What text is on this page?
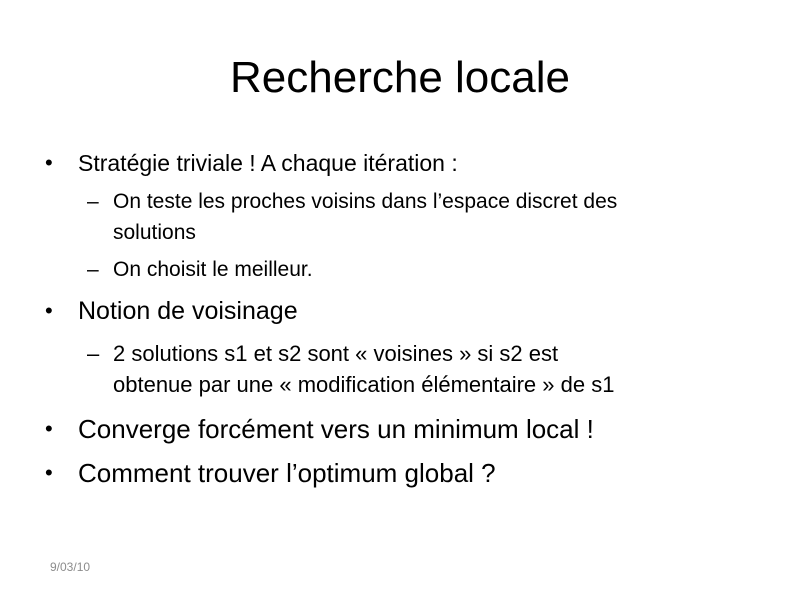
Recherche locale
• Stratégie triviale ! A chaque itération :
– On teste les proches voisins dans l’espace discret des
solutions
– On choisit le meilleur.
• Notion de voisinage
– 2 solutions s1 et s2 sont « voisines » si s2 est
obtenue par une « modification élémentaire » de s1
• Converge forcément vers un minimum local !
• Comment trouver l’optimum global ?
9/03/10
